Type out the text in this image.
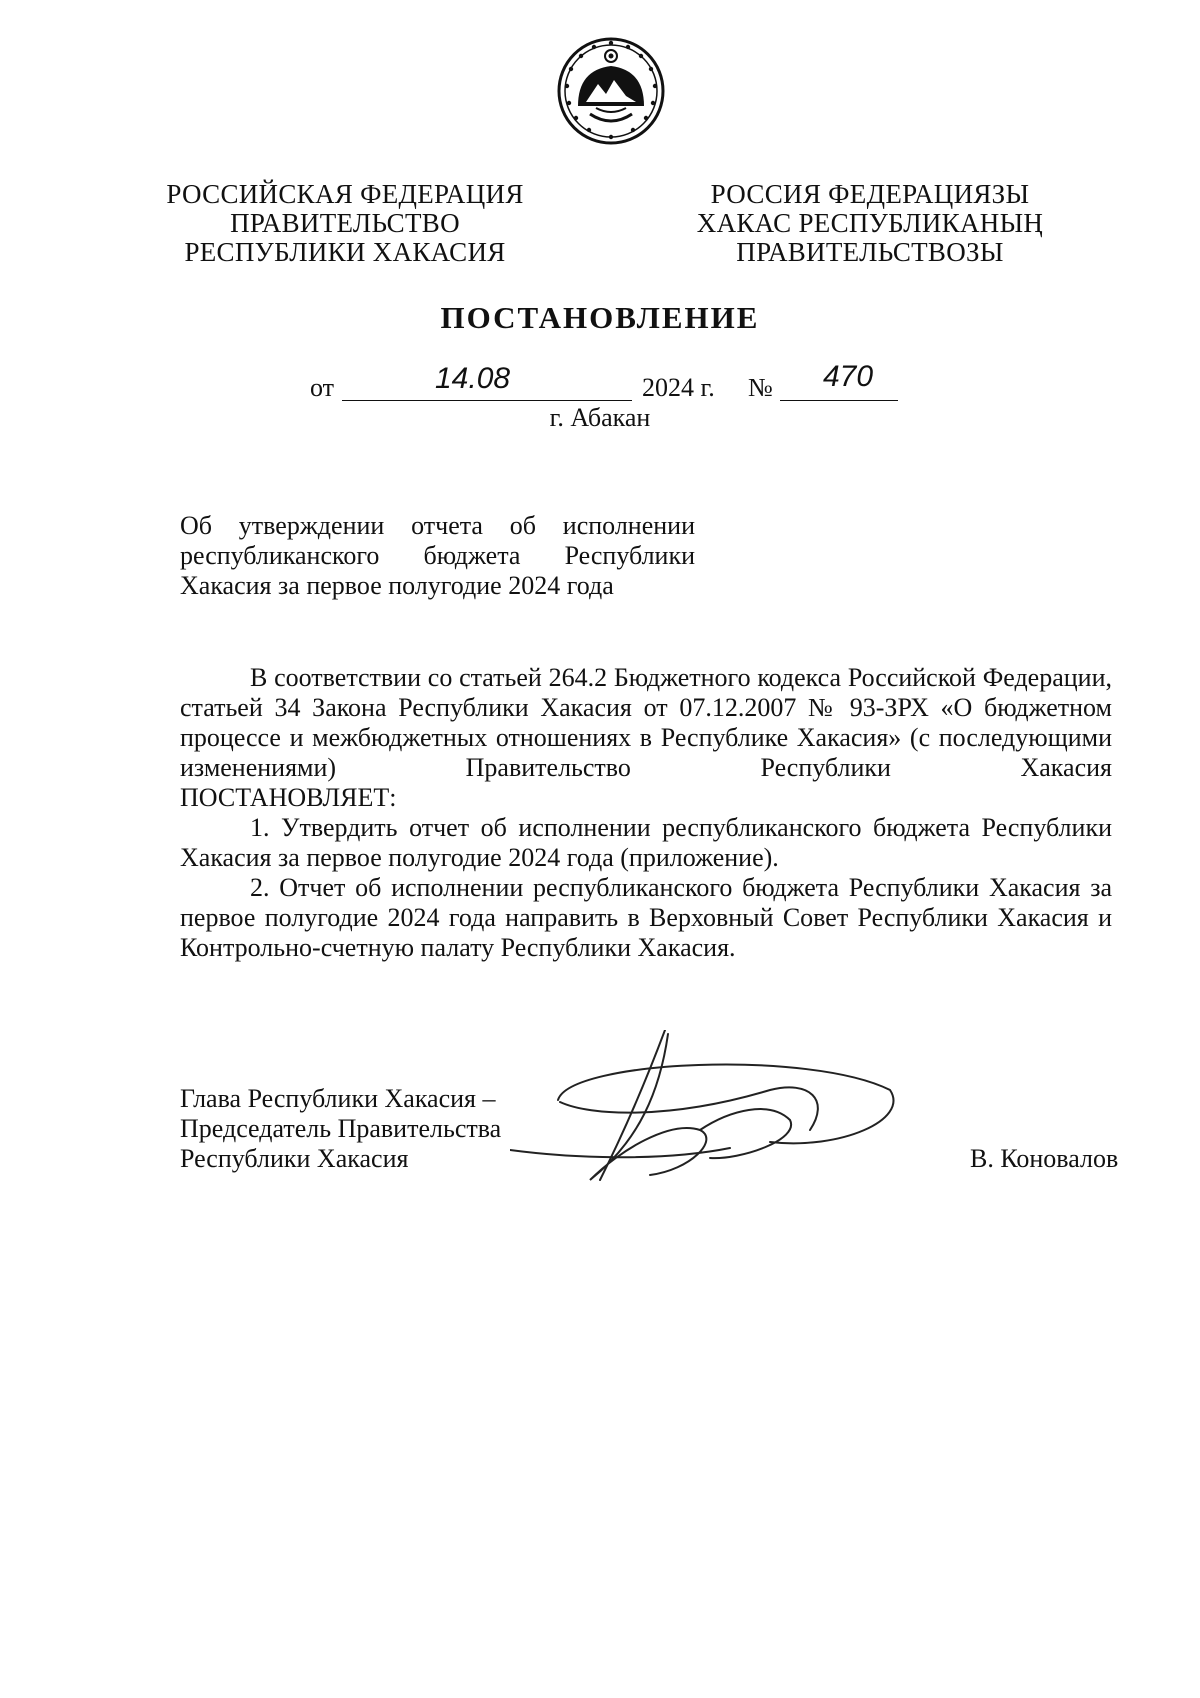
РОССИЙСКАЯ ФЕДЕРАЦИЯ
ПРАВИТЕЛЬСТВО
РЕСПУБЛИКИ ХАКАСИЯ
РОССИЯ ФЕДЕРАЦИЯЗЫ
ХАКАС РЕСПУБЛИКАНЫҢ
ПРАВИТЕЛЬСТВОЗЫ
ПОСТАНОВЛЕНИЕ
от	14.08	2024 г. № 470
г. Абакан
Об утверждении отчета об исполнении
республиканского бюджета Республики
Хакасия за первое полугодие 2024 года

В соответствии со статьей 264.2 Бюджетного кодекса Российской Федерации, статьей 34 Закона Республики Хакасия от 07.12.2007 № 93-ЗРХ «О бюджетном процессе и межбюджетных отношениях в Республике Хакасия» (с последующими изменениями) Правительство Республики Хакасия

ПОСТАНОВЛЯЕТ:

1. Утвердить отчет об исполнении республиканского бюджета Республики Хакасия за первое полугодие 2024 года (приложение).

2. Отчет об исполнении республиканского бюджета Республики Хакасия за первое полугодие 2024 года направить в Верховный Совет Республики Хакасия и Контрольно-счетную палату Республики Хакасия.

Глава Республики Хакасия –
Председатель Правительства
Республики Хакасия	В. Коновалов
